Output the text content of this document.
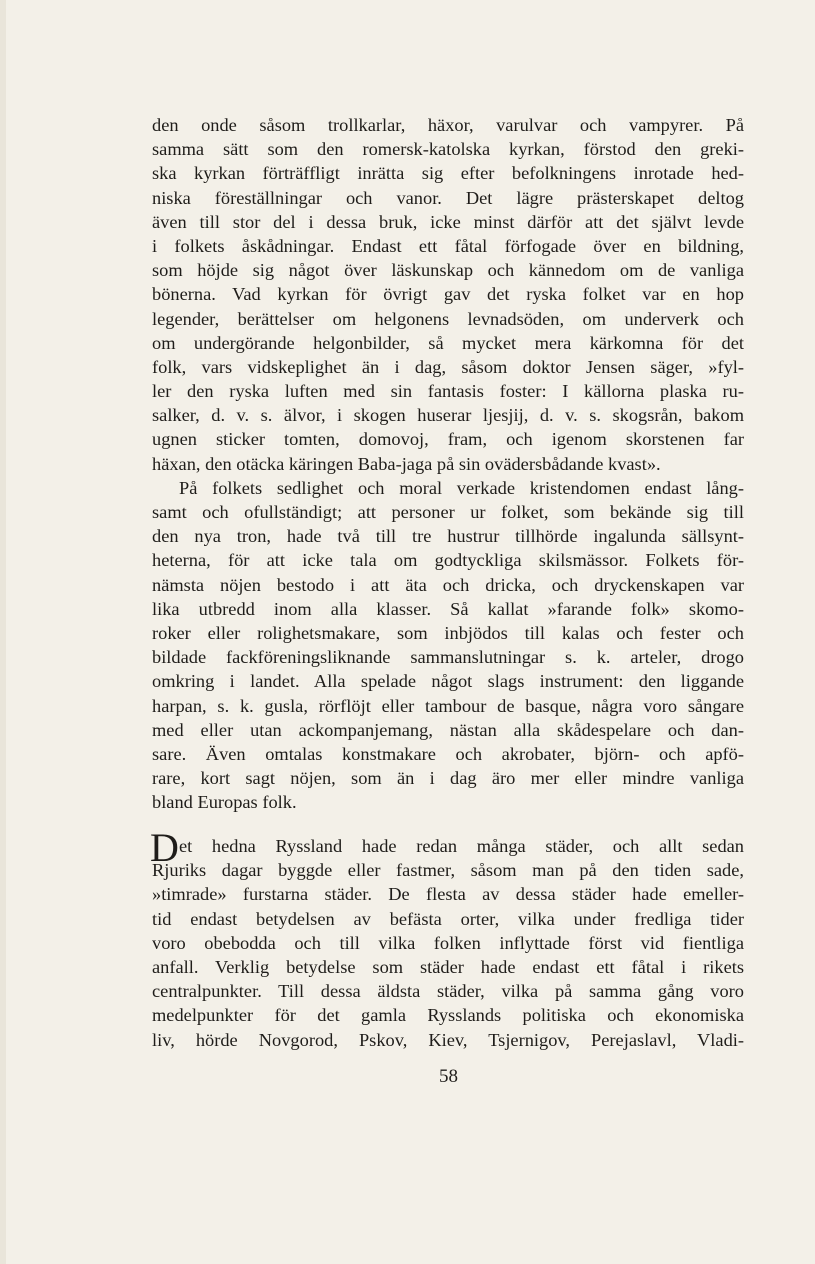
den onde såsom trollkarlar, häxor, varulvar och vampyrer. På
samma sätt som den romersk-katolska kyrkan, förstod den greki-
ska kyrkan förträffligt inrätta sig efter befolkningens inrotade hed-
niska föreställningar och vanor. Det lägre prästerskapet deltog
även till stor del i dessa bruk, icke minst därför att det självt levde
i folkets åskådningar. Endast ett fåtal förfogade över en bildning,
som höjde sig något över läskunskap och kännedom om de vanliga
bönerna. Vad kyrkan för övrigt gav det ryska folket var en hop
legender, berättelser om helgonens levnadsöden, om underverk och
om undergörande helgonbilder, så mycket mera kärkomna för det
folk, vars vidskeplighet än i dag, såsom doktor Jensen säger, »fyl-
ler den ryska luften med sin fantasis foster: I källorna plaska ru-
salker, d. v. s. älvor, i skogen huserar ljesjij, d. v. s. skogsrån, bakom
ugnen sticker tomten, domovoj, fram, och igenom skorstenen far
häxan, den otäcka käringen Baba-jaga på sin ovädersbådande kvast».
På folkets sedlighet och moral verkade kristendomen endast lång-
samt och ofullständigt; att personer ur folket, som bekände sig till
den nya tron, hade två till tre hustrur tillhörde ingalunda sällsynt-
heterna, för att icke tala om godtyckliga skilsmässor. Folkets för-
nämsta nöjen bestodo i att äta och dricka, och dryckenskapen var
lika utbredd inom alla klasser. Så kallat »farande folk» skomo-
roker eller rolighetsmakare, som inbjödos till kalas och fester och
bildade fackföreningsliknande sammanslutningar s. k. arteler, drogo
omkring i landet. Alla spelade något slags instrument: den liggande
harpan, s. k. gusla, rörflöjt eller tambour de basque, några voro sångare
med eller utan ackompanjemang, nästan alla skådespelare och dan-
sare. Även omtalas konstmakare och akrobater, björn- och apfö-
rare, kort sagt nöjen, som än i dag äro mer eller mindre vanliga
bland Europas folk.
D et hedna Ryssland hade redan många städer, och allt sedan
Rjuriks dagar byggde eller fastmer, såsom man på den tiden sade,
»timrade» furstarna städer. De flesta av dessa städer hade emeller-
tid endast betydelsen av befästa orter, vilka under fredliga tider
voro obebodda och till vilka folken inflyttade först vid fientliga
anfall. Verklig betydelse som städer hade endast ett fåtal i rikets
centralpunkter. Till dessa äldsta städer, vilka på samma gång voro
medelpunkter för det gamla Rysslands politiska och ekonomiska
liv, hörde Novgorod, Pskov, Kiev, Tsjernigov, Perejaslavl, Vladi-
58
